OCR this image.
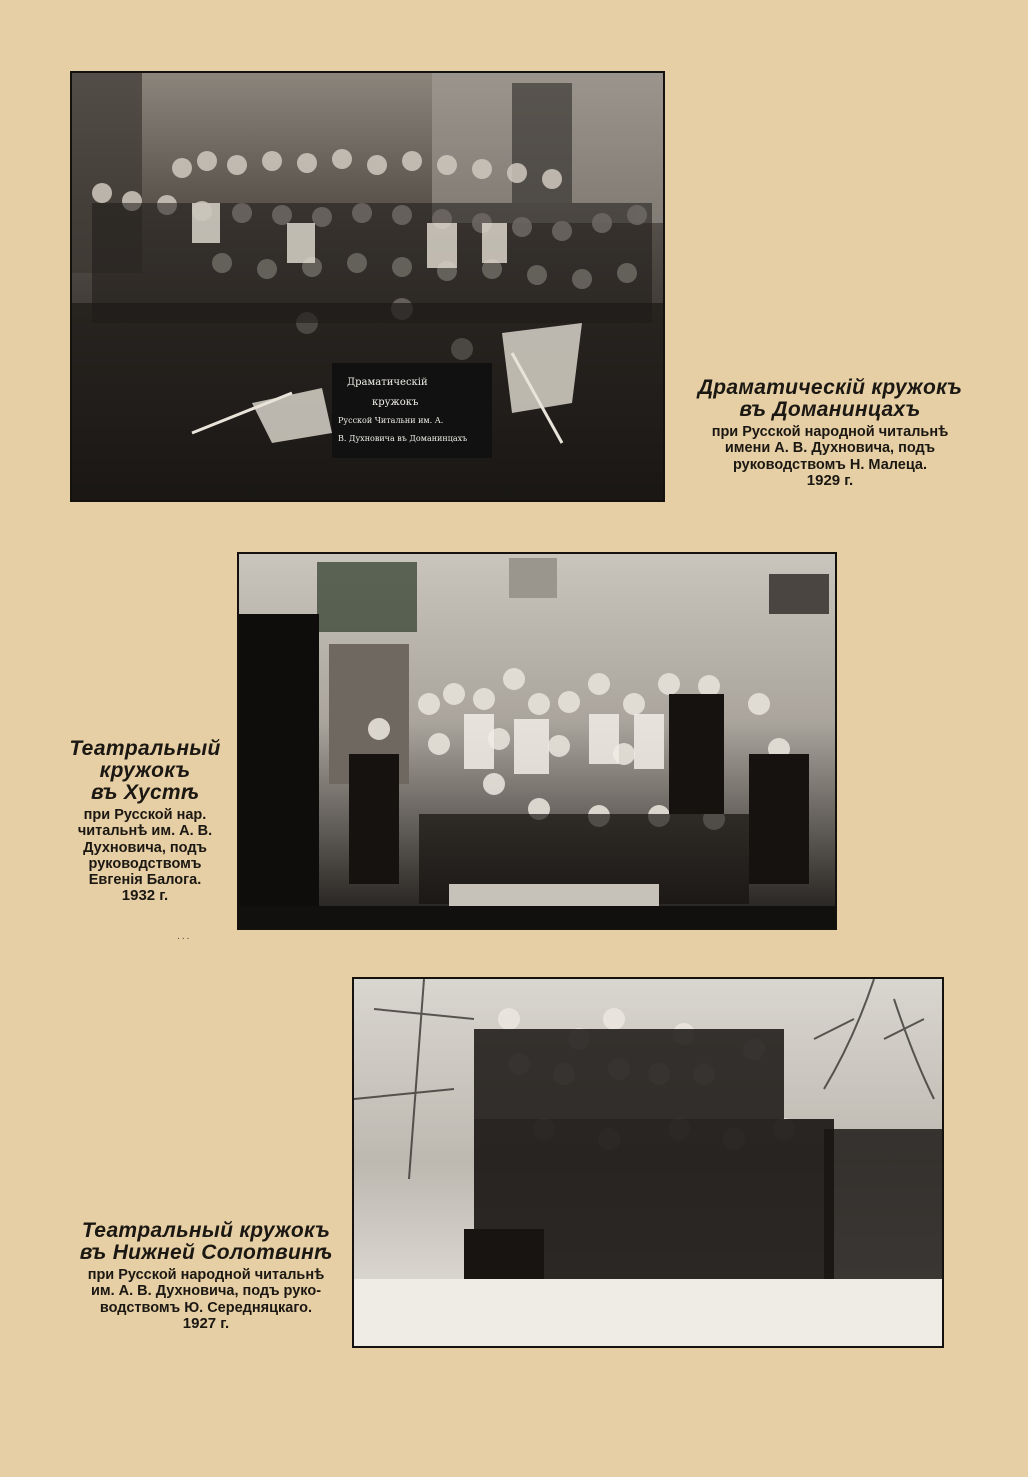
Драматическій
кружокъ
Русской Читальни им. А.
В. Духновича въ Доманинцахъ
Драматическій кружокъ
въ Доманинцахъ
при Русской народной читальнѣ
имени А. В. Духновича, подъ
руководствомъ Н. Малеца.
1929 г.
Театральный
кружокъ
въ Хустѣ
при Русской нар.
читальнѣ им. А. В.
Духновича, подъ
руководствомъ
Евгенія Балога.
1932 г.
۰۰۰
Театральный кружокъ
въ Нижней Солотвинѣ
при Русской народной читальнѣ
им. А. В. Духновича, подъ руко-
водствомъ Ю. Середняцкаго.
1927 г.
